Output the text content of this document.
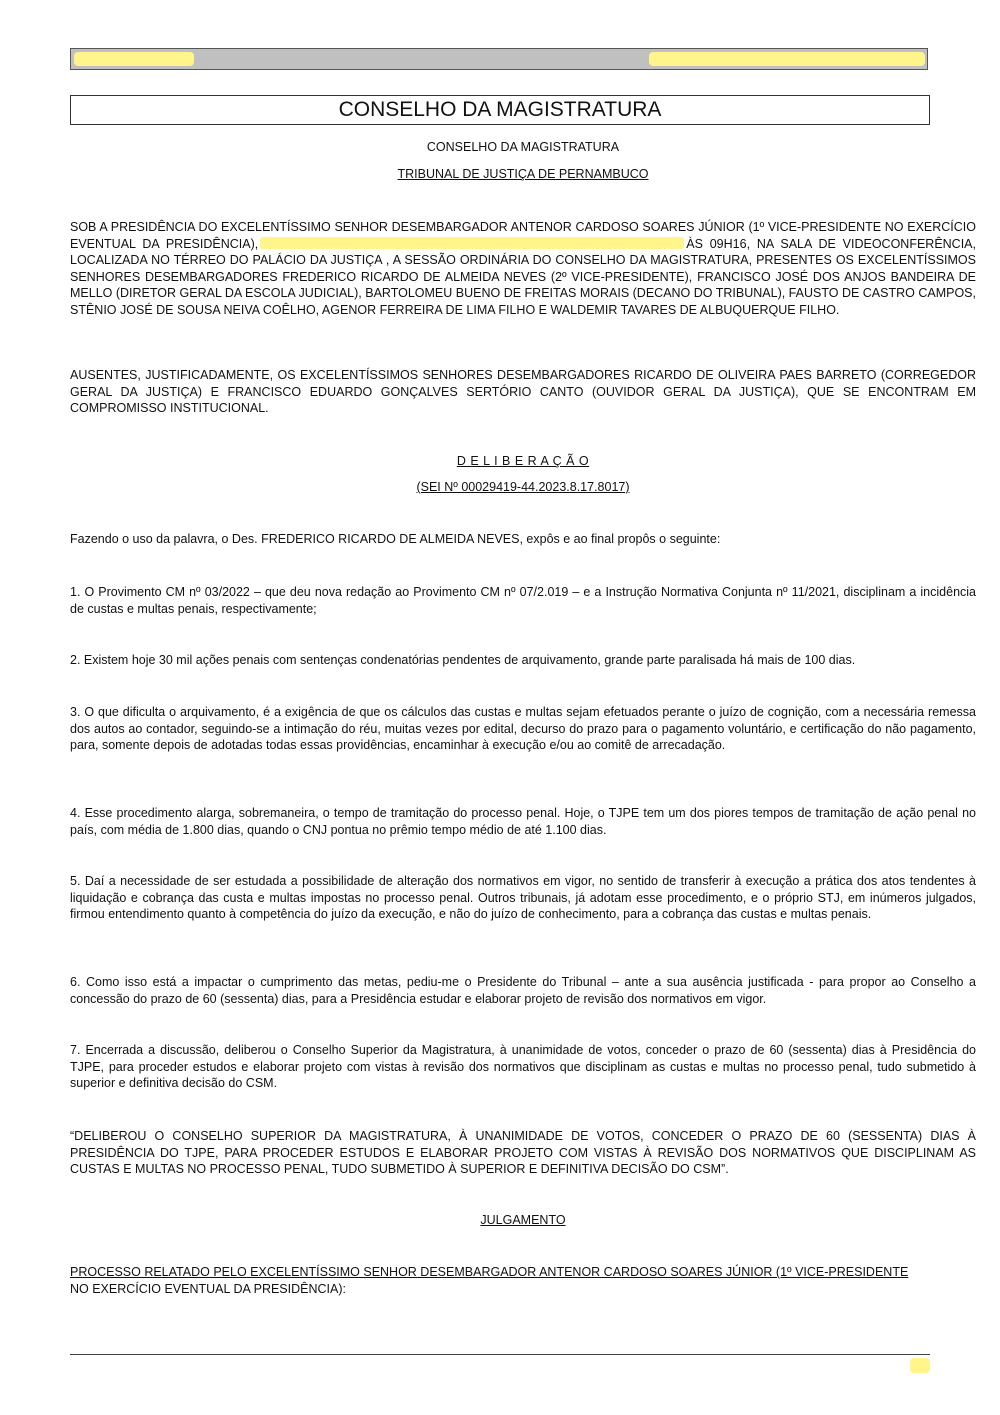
CONSELHO DA MAGISTRATURA
CONSELHO DA MAGISTRATURA
TRIBUNAL DE JUSTIÇA DE PERNAMBUCO

SOB A PRESIDÊNCIA DO EXCELENTÍSSIMO SENHOR DESEMBARGADOR ANTENOR CARDOSO SOARES JÚNIOR (1º VICE-PRESIDENTE NO EXERCÍCIO EVENTUAL DA PRESIDÊNCIA),	ÀS 09H16, NA SALA DE VIDEOCONFERÊNCIA, LOCALIZADA NO TÉRREO DO PALÁCIO DA JUSTIÇA , A SESSÃO ORDINÁRIA DO CONSELHO DA MAGISTRATURA, PRESENTES OS EXCELENTÍSSIMOS SENHORES DESEMBARGADORES FREDERICO RICARDO DE ALMEIDA NEVES (2º VICE-PRESIDENTE), FRANCISCO JOSÉ DOS ANJOS BANDEIRA DE MELLO (DIRETOR GERAL DA ESCOLA JUDICIAL), BARTOLOMEU BUENO DE FREITAS MORAIS (DECANO DO TRIBUNAL), FAUSTO DE CASTRO CAMPOS, STÊNIO JOSÉ DE SOUSA NEIVA COÊLHO, AGENOR FERREIRA DE LIMA FILHO E WALDEMIR TAVARES DE ALBUQUERQUE FILHO.

AUSENTES, JUSTIFICADAMENTE, OS EXCELENTÍSSIMOS SENHORES DESEMBARGADORES RICARDO DE OLIVEIRA PAES BARRETO (CORREGEDOR GERAL DA JUSTIÇA) E FRANCISCO EDUARDO GONÇALVES SERTÓRIO CANTO (OUVIDOR GERAL DA JUSTIÇA), QUE SE ENCONTRAM EM COMPROMISSO INSTITUCIONAL.

D E L I B E R A Ç Ã O
(SEI Nº 00029419-44.2023.8.17.8017)

Fazendo o uso da palavra, o Des. FREDERICO RICARDO DE ALMEIDA NEVES, expôs e ao final propôs o seguinte:

1. O Provimento CM nº 03/2022 – que deu nova redação ao Provimento CM nº 07/2.019 – e a Instrução Normativa Conjunta nº 11/2021, disciplinam a incidência de custas e multas penais, respectivamente;

2. Existem hoje 30 mil ações penais com sentenças condenatórias pendentes de arquivamento, grande parte paralisada há mais de 100 dias.

3. O que dificulta o arquivamento, é a exigência de que os cálculos das custas e multas sejam efetuados perante o juízo de cognição, com a necessária remessa dos autos ao contador, seguindo-se a intimação do réu, muitas vezes por edital, decurso do prazo para o pagamento voluntário, e certificação do não pagamento, para, somente depois de adotadas todas essas providências, encaminhar à execução e/ou ao comitê de arrecadação.

4. Esse procedimento alarga, sobremaneira, o tempo de tramitação do processo penal. Hoje, o TJPE tem um dos piores tempos de tramitação de ação penal no país, com média de 1.800 dias, quando o CNJ pontua no prêmio tempo médio de até 1.100 dias.

5. Daí a necessidade de ser estudada a possibilidade de alteração dos normativos em vigor, no sentido de transferir à execução a prática dos atos tendentes à liquidação e cobrança das custa e multas impostas no processo penal. Outros tribunais, já adotam esse procedimento, e o próprio STJ, em inúmeros julgados, firmou entendimento quanto à competência do juízo da execução, e não do juízo de conhecimento, para a cobrança das custas e multas penais.

6. Como isso está a impactar o cumprimento das metas, pediu-me o Presidente do Tribunal – ante a sua ausência justificada - para propor ao Conselho a concessão do prazo de 60 (sessenta) dias, para a Presidência estudar e elaborar projeto de revisão dos normativos em vigor.

7. Encerrada a discussão, deliberou o Conselho Superior da Magistratura, à unanimidade de votos, conceder o prazo de 60 (sessenta) dias à Presidência do TJPE, para proceder estudos e elaborar projeto com vistas à revisão dos normativos que disciplinam as custas e multas no processo penal, tudo submetido à superior e definitiva decisão do CSM.

“DELIBEROU O CONSELHO SUPERIOR DA MAGISTRATURA, À UNANIMIDADE DE VOTOS, CONCEDER O PRAZO DE 60 (SESSENTA) DIAS À PRESIDÊNCIA DO TJPE, PARA PROCEDER ESTUDOS E ELABORAR PROJETO COM VISTAS À REVISÃO DOS NORMATIVOS QUE DISCIPLINAM AS CUSTAS E MULTAS NO PROCESSO PENAL, TUDO SUBMETIDO À SUPERIOR E DEFINITIVA DECISÃO DO CSM”.

JULGAMENTO

PROCESSO RELATADO PELO EXCELENTÍSSIMO SENHOR DESEMBARGADOR ANTENOR CARDOSO SOARES JÚNIOR (1º VICE-PRESIDENTE
NO EXERCÍCIO EVENTUAL DA PRESIDÊNCIA):
